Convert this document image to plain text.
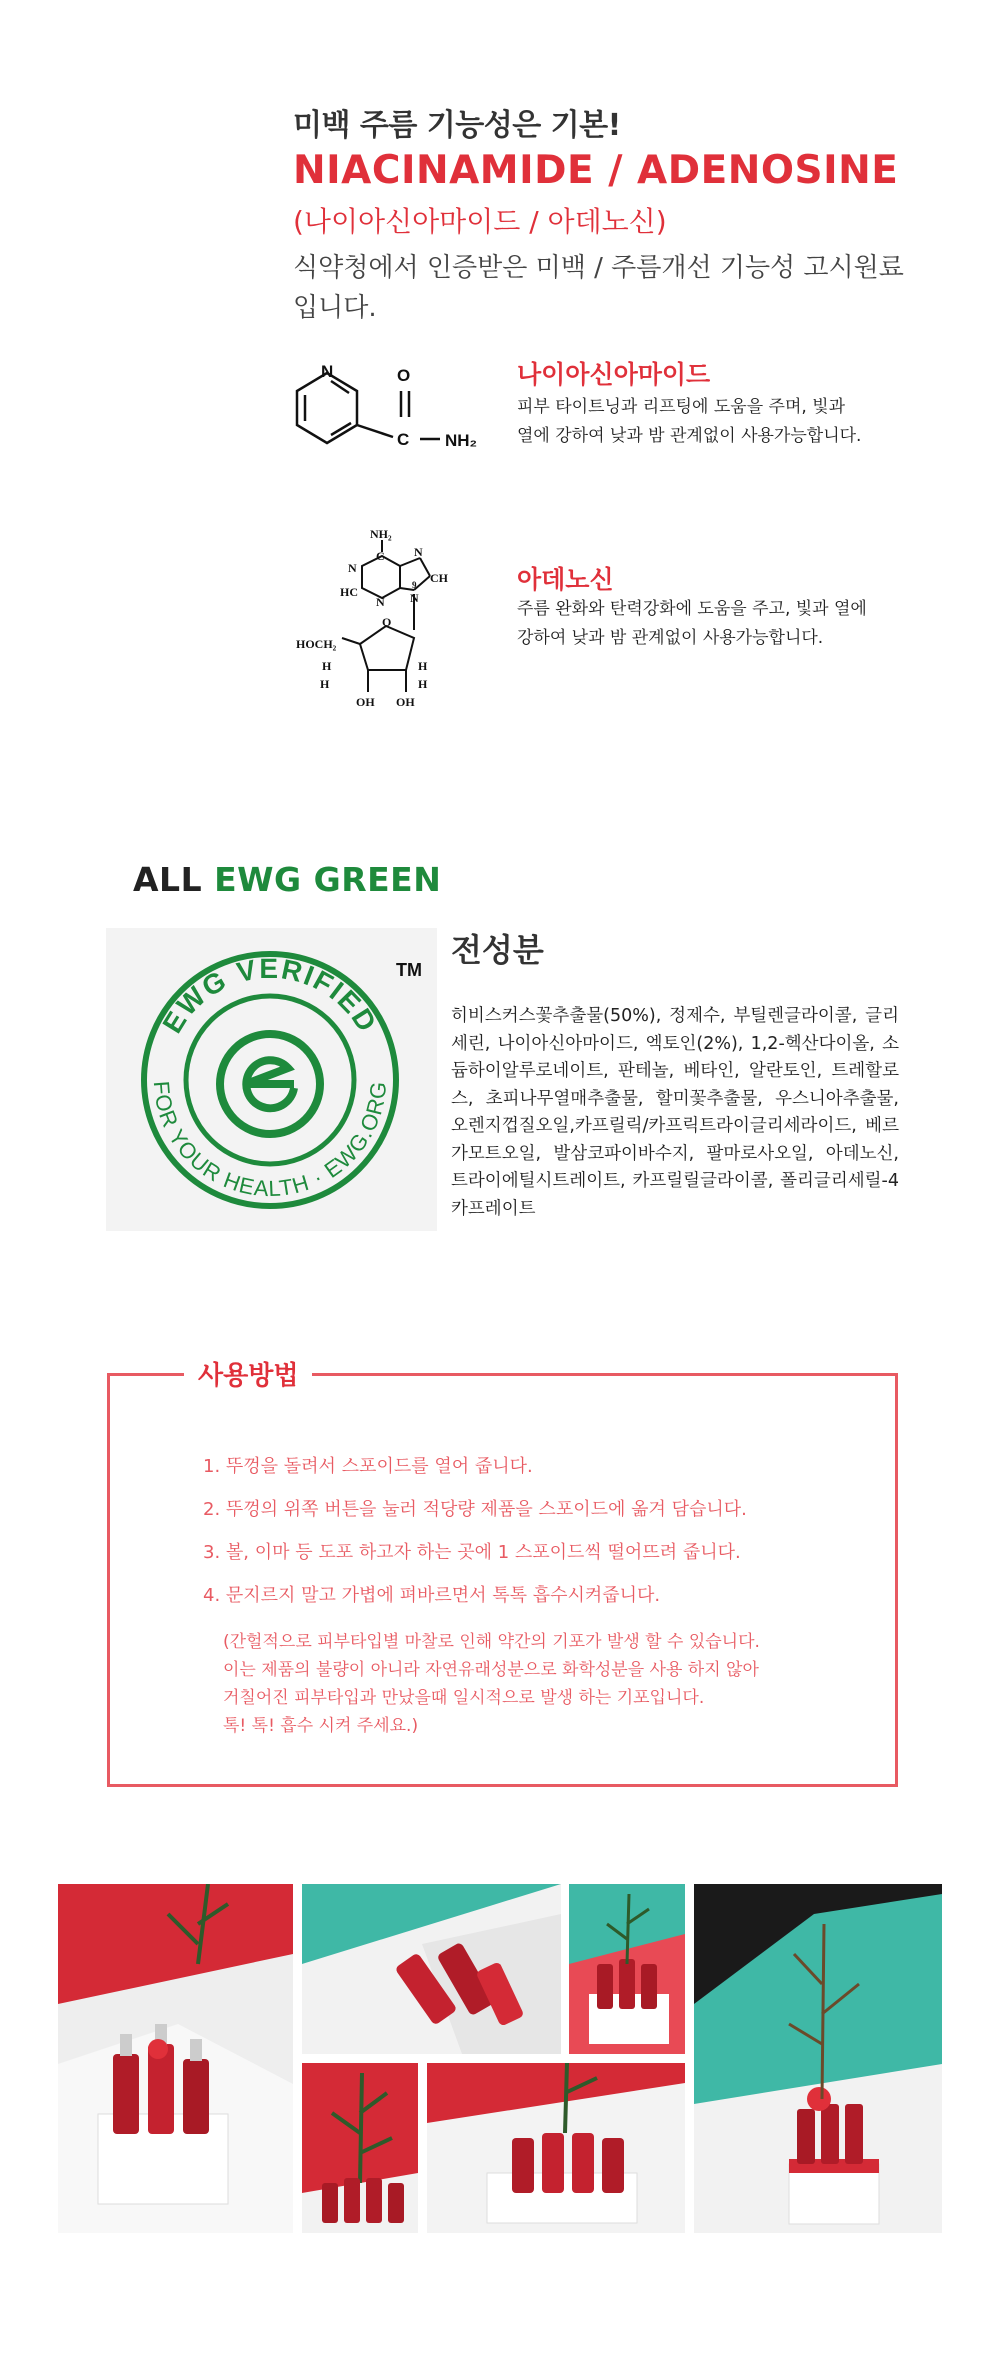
미백 주름 기능성은 기본!
NIACINAMIDE / ADENOSINE
(나이아신아마이드 / 아데노신)
식약청에서 인증받은 미백 / 주름개선 기능성 고시원료 입니다.
N	O
C NH₂
나이아신아마이드
피부 타이트닝과 리프팅에 도움을 주며, 빛과
열에 강하여 낮과 밤 관계없이 사용가능합니다.
NH₂
C
N
N
CH
9
N
HC
N
O
HOCH₂
H
H
H
H
OH OH
아데노신
주름 완화와 탄력강화에 도움을 주고, 빛과 열에
강하여 낮과 밤 관계없이 사용가능합니다.
ALL EWG GREEN
EWG VERIFIED
FOR YOUR HEALTH · EWG.ORG
TM
전성분
히비스커스꽃추출물(50%), 정제수, 부틸렌글라이콜, 글리세린, 나이아신아마이드, 엑토인(2%), 1,2-헥산다이올, 소듐하이알루로네이트, 판테놀, 베타인, 알란토인, 트레할로스, 초피나무열매추출물, 할미꽃추출물, 우스니아추출물, 오렌지껍질오일,카프릴릭/카프릭트라이글리세라이드, 베르가모트오일, 발삼코파이바수지, 팔마로사오일, 아데노신, 트라이에틸시트레이트, 카프릴릴글라이콜, 폴리글리세릴-4카프레이트
사용방법
1. 뚜껑을 돌려서 스포이드를 열어 줍니다.
2. 뚜껑의 위쪽 버튼을 눌러 적당량 제품을 스포이드에 옮겨 담습니다.
3. 볼, 이마 등 도포 하고자 하는 곳에 1 스포이드씩 떨어뜨려 줍니다.
4. 문지르지 말고 가볍에 펴바르면서 톡톡 흡수시켜줍니다.
(간헐적으로 피부타입별 마찰로 인해 약간의 기포가 발생 할 수 있습니다.
이는 제품의 불량이 아니라 자연유래성분으로 화학성분을 사용 하지 않아
거칠어진 피부타입과 만났을때 일시적으로 발생 하는 기포입니다.
톡! 톡! 흡수 시켜 주세요.)
